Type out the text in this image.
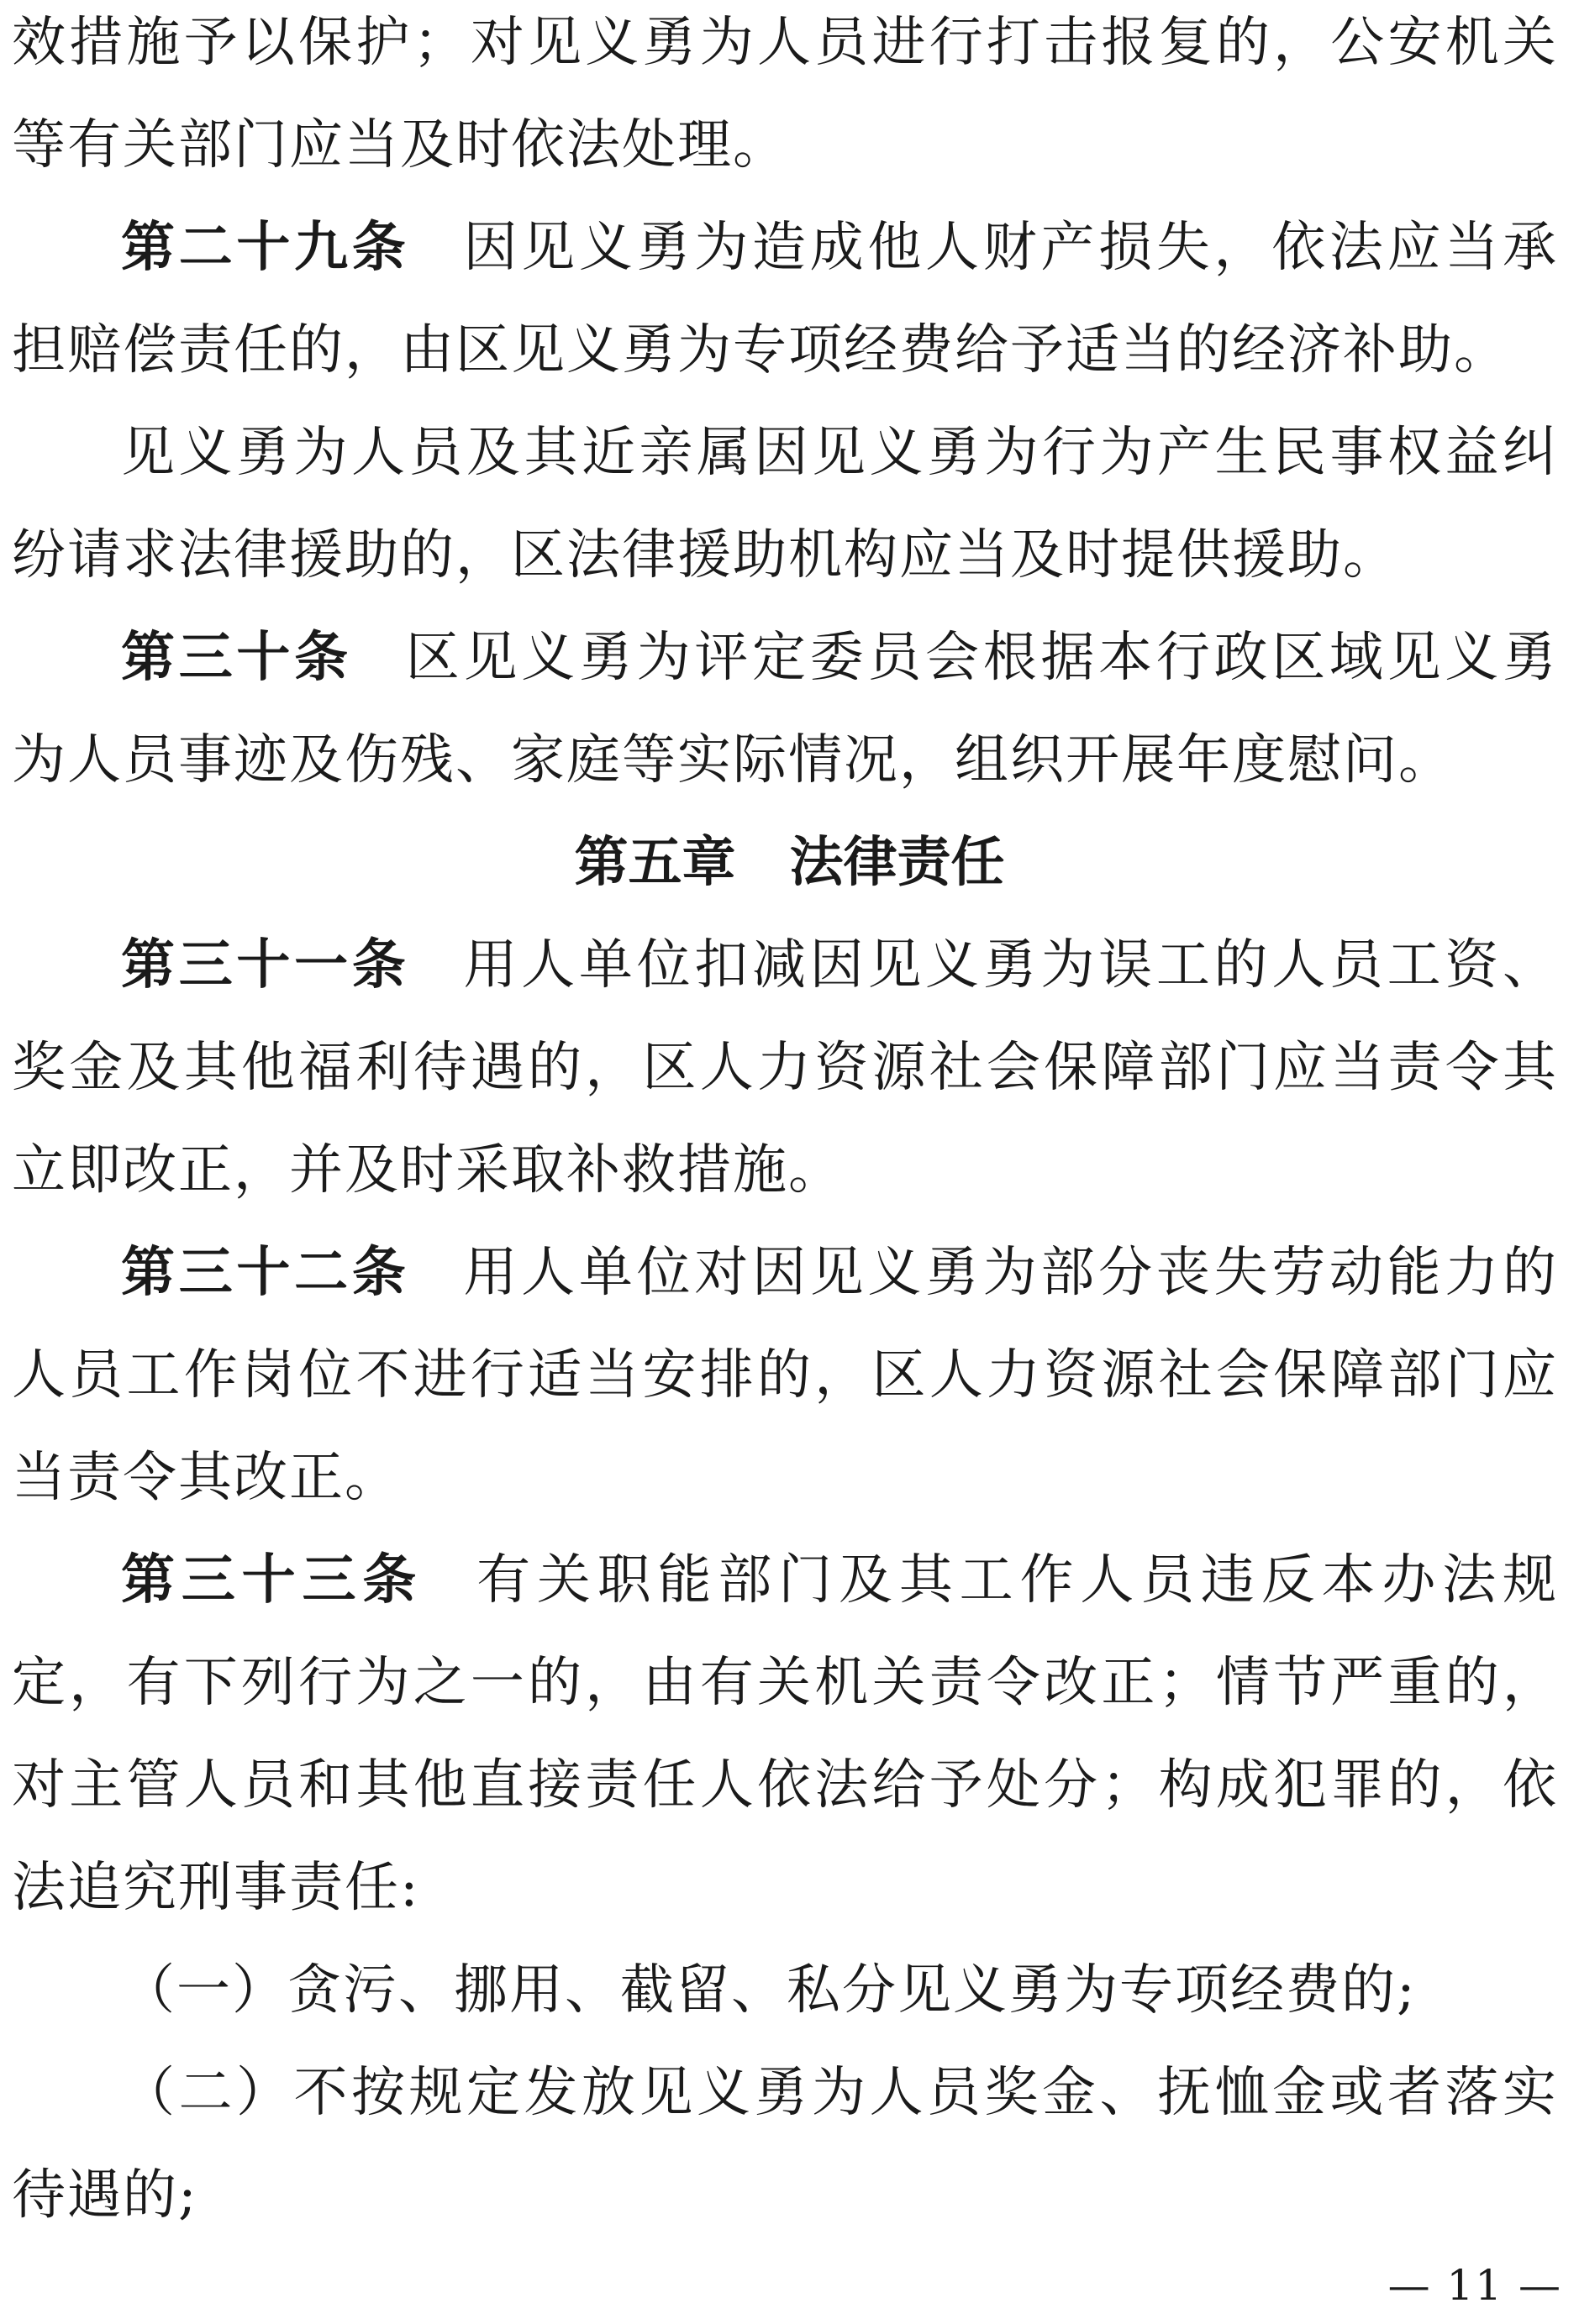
效措施予以保护；对见义勇为人员进行打击报复的，公安机关等有关部门应当及时依法处理。

第二十九条 因见义勇为造成他人财产损失，依法应当承担赔偿责任的，由区见义勇为专项经费给予适当的经济补助。

见义勇为人员及其近亲属因见义勇为行为产生民事权益纠纷请求法律援助的，区法律援助机构应当及时提供援助。

第三十条 区见义勇为评定委员会根据本行政区域见义勇为人员事迹及伤残、家庭等实际情况，组织开展年度慰问。

第五章　法律责任

第三十一条 用人单位扣减因见义勇为误工的人员工资、奖金及其他福利待遇的，区人力资源社会保障部门应当责令其立即改正，并及时采取补救措施。

第三十二条 用人单位对因见义勇为部分丧失劳动能力的人员工作岗位不进行适当安排的，区人力资源社会保障部门应当责令其改正。

第三十三条 有关职能部门及其工作人员违反本办法规定，有下列行为之一的，由有关机关责令改正；情节严重的，对主管人员和其他直接责任人依法给予处分；构成犯罪的，依法追究刑事责任:

（一）贪污、挪用、截留、私分见义勇为专项经费的;

（二）不按规定发放见义勇为人员奖金、抚恤金或者落实待遇的;

— 11 —
